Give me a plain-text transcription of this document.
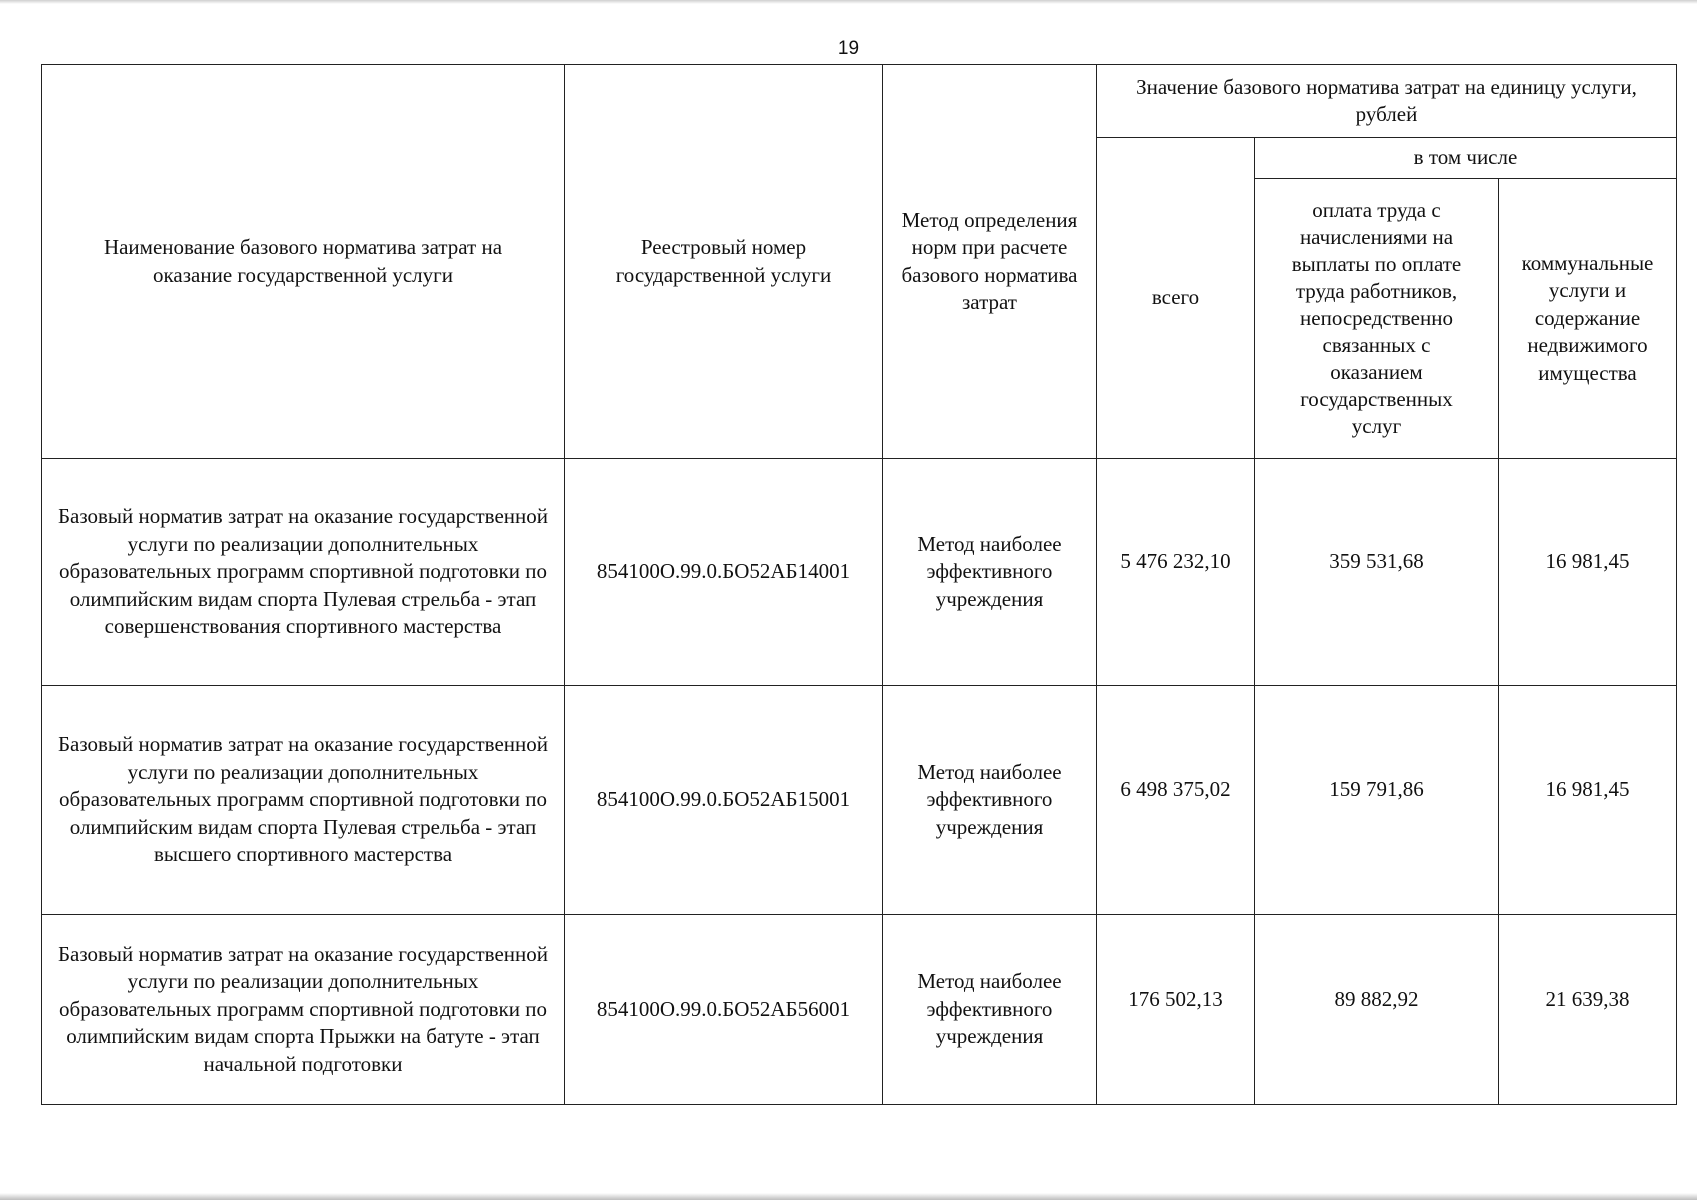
19
Наименование базового норматива затрат на оказание государственной услуги	Реестровый номер государственной услуги	Метод определения норм при расчете базового норматива затрат	Значение базового норматива затрат на единицу услуги, рублей		
			всего	в том числе	
				оплата труда с начислениями на выплаты по оплате труда работников, непосредственно связанных с оказанием государственных услуг	коммунальные услуги и содержание недвижимого имущества
Базовый норматив затрат на оказание государственной услуги по реализации дополнительных образовательных программ спортивной подготовки по олимпийским видам спорта Пулевая стрельба - этап совершенствования спортивного мастерства	854100О.99.0.БО52АБ14001	Метод наиболее эффективного учреждения	5 476 232,10	359 531,68	16 981,45
Базовый норматив затрат на оказание государственной услуги по реализации дополнительных образовательных программ спортивной подготовки по олимпийским видам спорта Пулевая стрельба - этап высшего спортивного мастерства	854100О.99.0.БО52АБ15001	Метод наиболее эффективного учреждения	6 498 375,02	159 791,86	16 981,45
Базовый норматив затрат на оказание государственной услуги по реализации дополнительных образовательных программ спортивной подготовки по олимпийским видам спорта Прыжки на батуте - этап начальной подготовки	854100О.99.0.БО52АБ56001	Метод наиболее эффективного учреждения	176 502,13	89 882,92	21 639,38
